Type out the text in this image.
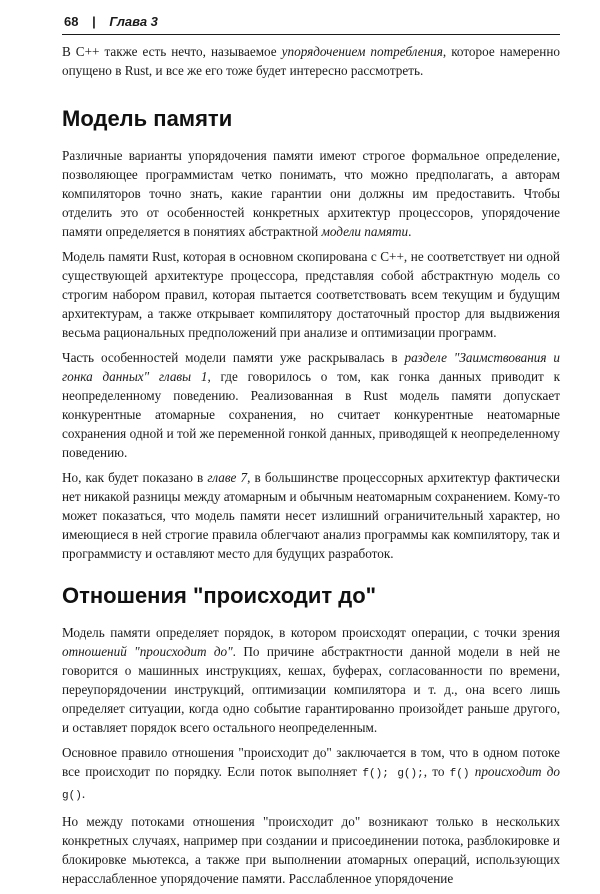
68 | Глава 3

В С++ также есть нечто, называемое упорядочением потребления, которое намеренно опущено в Rust, и все же его тоже будет интересно рассмотреть.

Модель памяти

Различные варианты упорядочения памяти имеют строгое формальное определение, позволяющее программистам четко понимать, что можно предполагать, а авторам компиляторов точно знать, какие гарантии они должны им предоставить. Чтобы отделить это от особенностей конкретных архитектур процессоров, упорядочение памяти определяется в понятиях абстрактной модели памяти.

Модель памяти Rust, которая в основном скопирована с С++, не соответствует ни одной существующей архитектуре процессора, представляя собой абстрактную модель со строгим набором правил, которая пытается соответствовать всем текущим и будущим архитектурам, а также открывает компилятору достаточный простор для выдвижения весьма рациональных предположений при анализе и оптимизации программ.

Часть особенностей модели памяти уже раскрывалась в разделе "Заимствования и гонка данных" главы 1, где говорилось о том, как гонка данных приводит к неопределенному поведению. Реализованная в Rust модель памяти допускает конкурентные атомарные сохранения, но считает конкурентные неатомарные сохранения одной и той же переменной гонкой данных, приводящей к неопределенному поведению.

Но, как будет показано в главе 7, в большинстве процессорных архитектур фактически нет никакой разницы между атомарным и обычным неатомарным сохранением. Кому-то может показаться, что модель памяти несет излишний ограничительный характер, но имеющиеся в ней строгие правила облегчают анализ программы как компилятору, так и программисту и оставляют место для будущих разработок.

Отношения "происходит до"

Модель памяти определяет порядок, в котором происходят операции, с точки зрения отношений "происходит до". По причине абстрактности данной модели в ней не говорится о машинных инструкциях, кешах, буферах, согласованности по времени, переупорядочении инструкций, оптимизации компилятора и т. д., она всего лишь определяет ситуации, когда одно событие гарантированно произойдет раньше другого, и оставляет порядок всего остального неопределенным.

Основное правило отношения "происходит до" заключается в том, что в одном потоке все происходит по порядку. Если поток выполняет f(); g();, то f() происходит до g().

Но между потоками отношения "происходит до" возникают только в нескольких конкретных случаях, например при создании и присоединении потока, разблокировке и блокировке мьютекса, а также при выполнении атомарных операций, использующих нерасслабленное упорядочение памяти. Расслабленное упорядочение
